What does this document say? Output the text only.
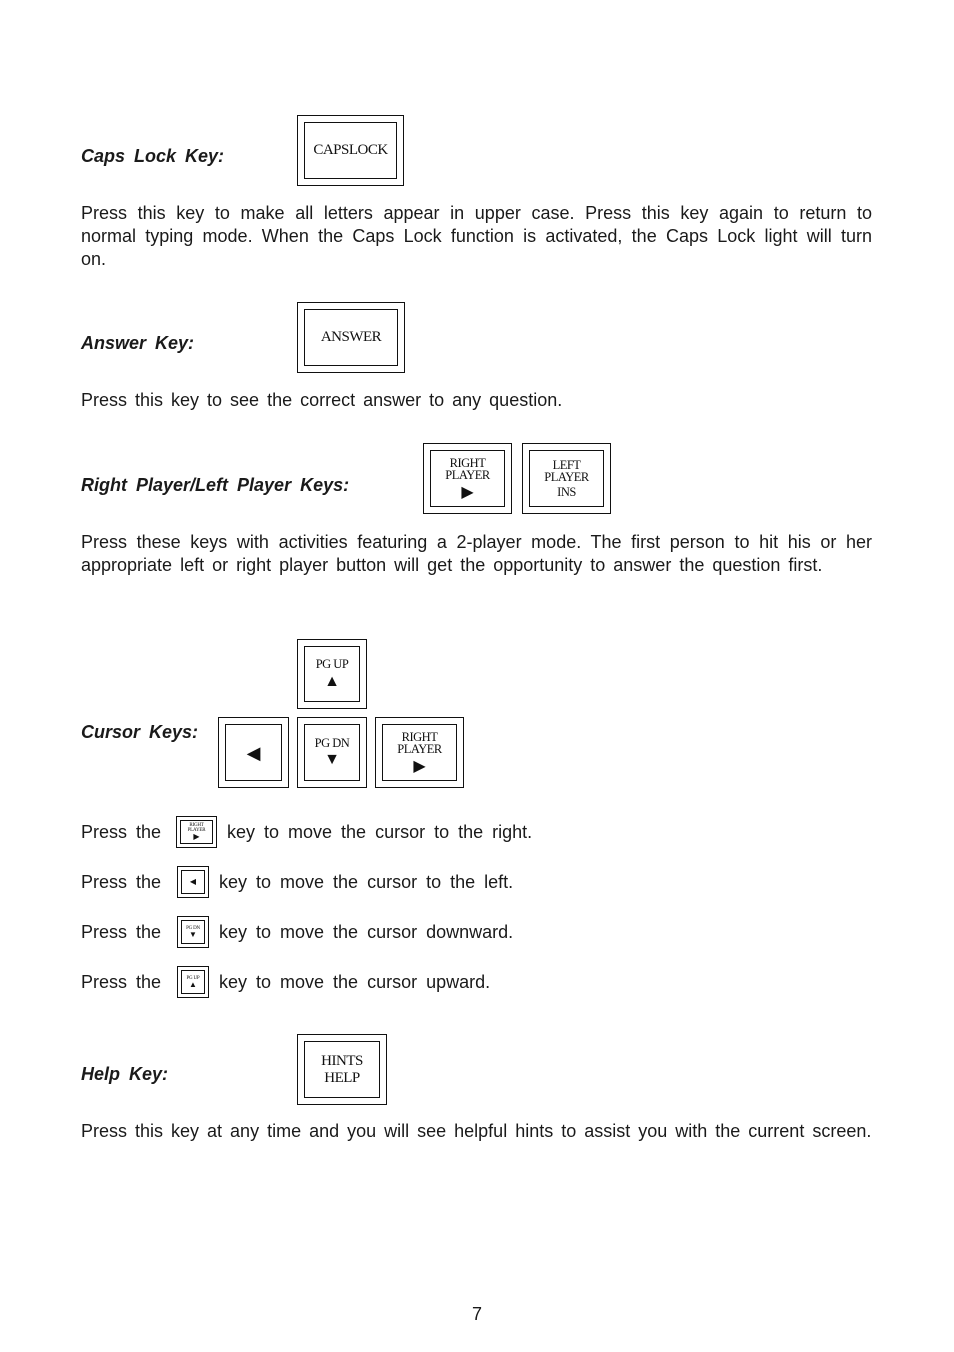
Caps Lock Key:	CAPSLOCK
Press this key to make all letters appear in upper case. Press this key again to return to normal typing mode. When the Caps Lock function is activated, the Caps Lock light will turn on.
Answer Key:	ANSWER
Press this key to see the correct answer to any question.
Right Player/Left Player Keys:
RIGHT PLAYER
▶
LEFT PLAYER
INS
Press these keys with activities featuring a 2-player mode. The first person to hit his or her appropriate left or right player button will get the opportunity to answer the question first.
Cursor Keys:
PG UP
▲
◀	PG DN
▼
RIGHT PLAYER
▶
Press the	RIGHT PLAYER
▶ key to move the cursor to the right.
Press the	◀ key to move the cursor to the left.
Press the	PG DN
▼ key to move the cursor downward.
Press the	PG UP
▲ key to move the cursor upward.
Help Key:
HINTS
HELP
Press this key at any time and you will see helpful hints to assist you with the current screen.
7
